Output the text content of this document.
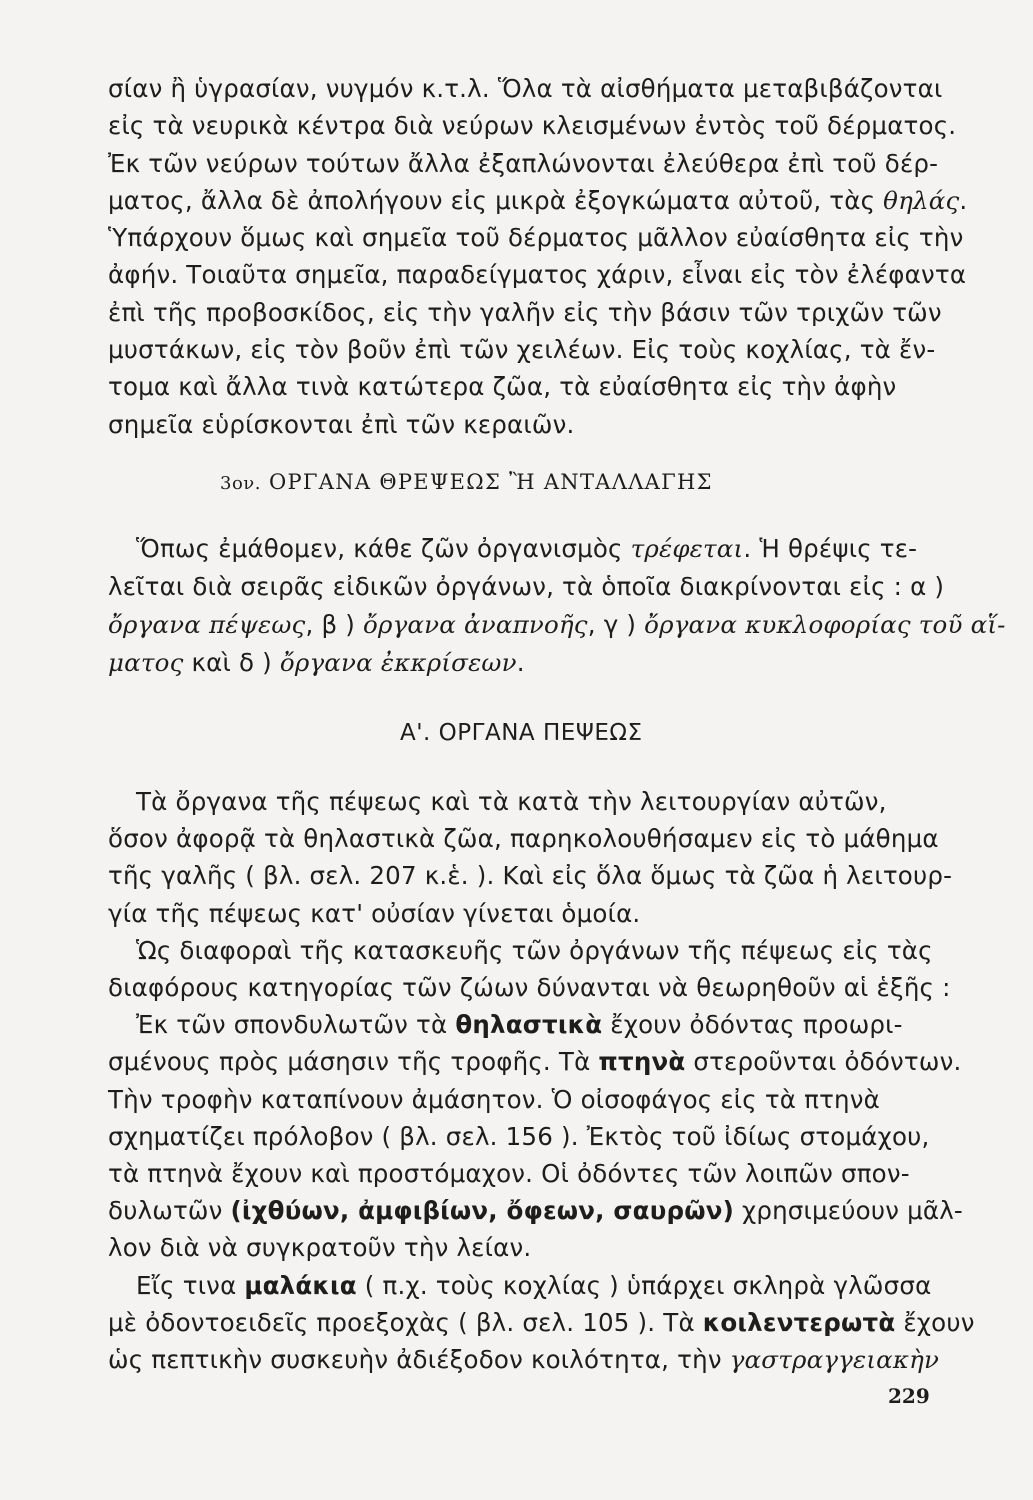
σίαν ἢ ὑγρασίαν, νυγμόν κ.τ.λ. Ὅλα τὰ αἰσθήματα μεταβιβάζονται
εἰς τὰ νευρικὰ κέντρα διὰ νεύρων κλεισμένων ἐντὸς τοῦ δέρματος.
Ἐκ τῶν νεύρων τούτων ἄλλα ἐξαπλώνονται ἐλεύθερα ἐπὶ τοῦ δέρ-
ματος, ἄλλα δὲ ἀπολήγουν εἰς μικρὰ ἐξογκώματα αὐτοῦ, τὰς θηλάς.
Ὑπάρχουν ὅμως καὶ σημεῖα τοῦ δέρματος μᾶλλον εὐαίσθητα εἰς τὴν
ἀφήν. Τοιαῦτα σημεῖα, παραδείγματος χάριν, εἶναι εἰς τὸν ἐλέφαντα
ἐπὶ τῆς προβοσκίδος, εἰς τὴν γαλῆν εἰς τὴν βάσιν τῶν τριχῶν τῶν
μυστάκων, εἰς τὸν βοῦν ἐπὶ τῶν χειλέων. Εἰς τοὺς κοχλίας, τὰ ἔν-
τομα καὶ ἄλλα τινὰ κατώτερα ζῶα, τὰ εὐαίσθητα εἰς τὴν ἀφὴν
σημεῖα εὑρίσκονται ἐπὶ τῶν κεραιῶν.
3ον. ΟΡΓΑΝΑ ΘΡΕΨΕΩΣ Ἢ ΑΝΤΑΛΛΑΓΗΣ
Ὅπως ἐμάθομεν, κάθε ζῶν ὀργανισμὸς τρέφεται. Ἡ θρέψις τε-
λεῖται διὰ σειρᾶς εἰδικῶν ὀργάνων, τὰ ὁποῖα διακρίνονται εἰς : α )
ὄργανα πέψεως, β ) ὄργανα ἀναπνοῆς, γ ) ὄργανα κυκλοφορίας τοῦ αἵ-
ματος καὶ δ ) ὄργανα ἐκκρίσεων.
Α'. ΟΡΓΑΝΑ ΠΕΨΕΩΣ
Τὰ ὄργανα τῆς πέψεως καὶ τὰ κατὰ τὴν λειτουργίαν αὐτῶν,
ὅσον ἀφορᾷ τὰ θηλαστικὰ ζῶα, παρηκολουθήσαμεν εἰς τὸ μάθημα
τῆς γαλῆς ( βλ. σελ. 207 κ.ἑ. ). Καὶ εἰς ὅλα ὅμως τὰ ζῶα ἡ λειτουρ-
γία τῆς πέψεως κατ' οὐσίαν γίνεται ὁμοία.
Ὡς διαφοραὶ τῆς κατασκευῆς τῶν ὀργάνων τῆς πέψεως εἰς τὰς
διαφόρους κατηγορίας τῶν ζώων δύνανται νὰ θεωρηθοῦν αἱ ἑξῆς :
Ἐκ τῶν σπονδυλωτῶν τὰ θηλαστικὰ ἔχουν ὀδόντας προωρι-
σμένους πρὸς μάσησιν τῆς τροφῆς. Τὰ πτηνὰ στεροῦνται ὀδόντων.
Τὴν τροφὴν καταπίνουν ἀμάσητον. Ὁ οἰσοφάγος εἰς τὰ πτηνὰ
σχηματίζει πρόλοβον ( βλ. σελ. 156 ). Ἐκτὸς τοῦ ἰδίως στομάχου,
τὰ πτηνὰ ἔχουν καὶ προστόμαχον. Οἱ ὀδόντες τῶν λοιπῶν σπον-
δυλωτῶν (ἰχθύων, ἀμφιβίων, ὄφεων, σαυρῶν) χρησιμεύουν μᾶλ-
λον διὰ νὰ συγκρατοῦν τὴν λείαν.
Εἴς τινα μαλάκια ( π.χ. τοὺς κοχλίας ) ὑπάρχει σκληρὰ γλῶσσα
μὲ ὀδοντοειδεῖς προεξοχὰς ( βλ. σελ. 105 ). Τὰ κοιλεντερωτὰ ἔχουν
ὡς πεπτικὴν συσκευὴν ἀδιέξοδον κοιλότητα, τὴν γαστραγγειακὴν
229
